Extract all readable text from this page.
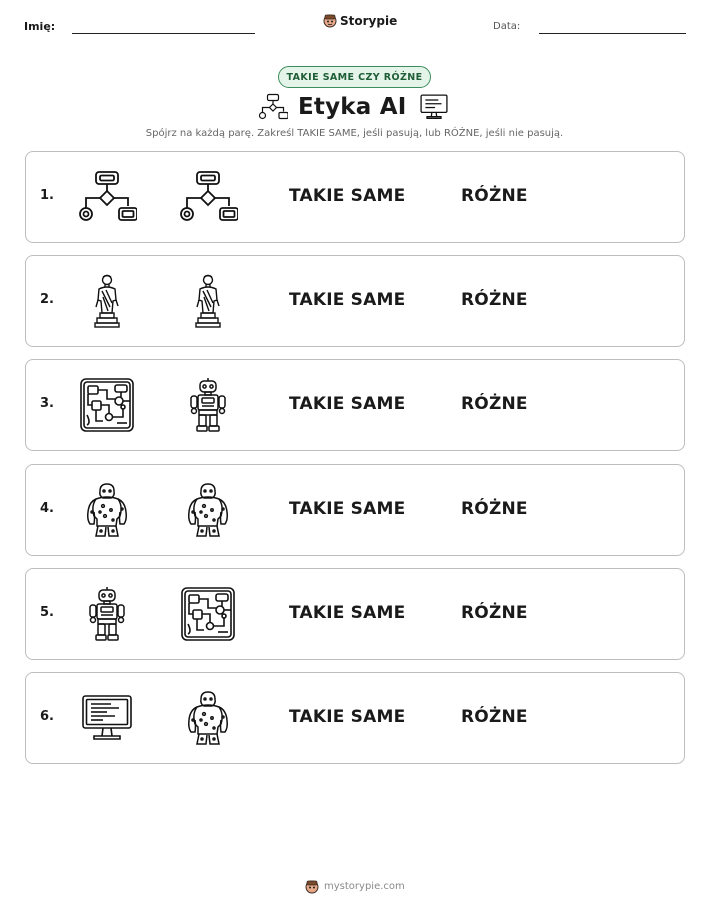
Imię:	Storypie	Data:
TAKIE SAME CZY RÓŻNE
Etyka AI
Spójrz na każdą parę. Zakreśl TAKIE SAME, jeśli pasują, lub RÓŻNE, jeśli nie pasują.
1.	TAKIE SAME	RÓŻNE
2.	TAKIE SAME	RÓŻNE
3.	TAKIE SAME	RÓŻNE
4.	TAKIE SAME	RÓŻNE
5.	TAKIE SAME	RÓŻNE
6.	TAKIE SAME	RÓŻNE
mystorypie.com
